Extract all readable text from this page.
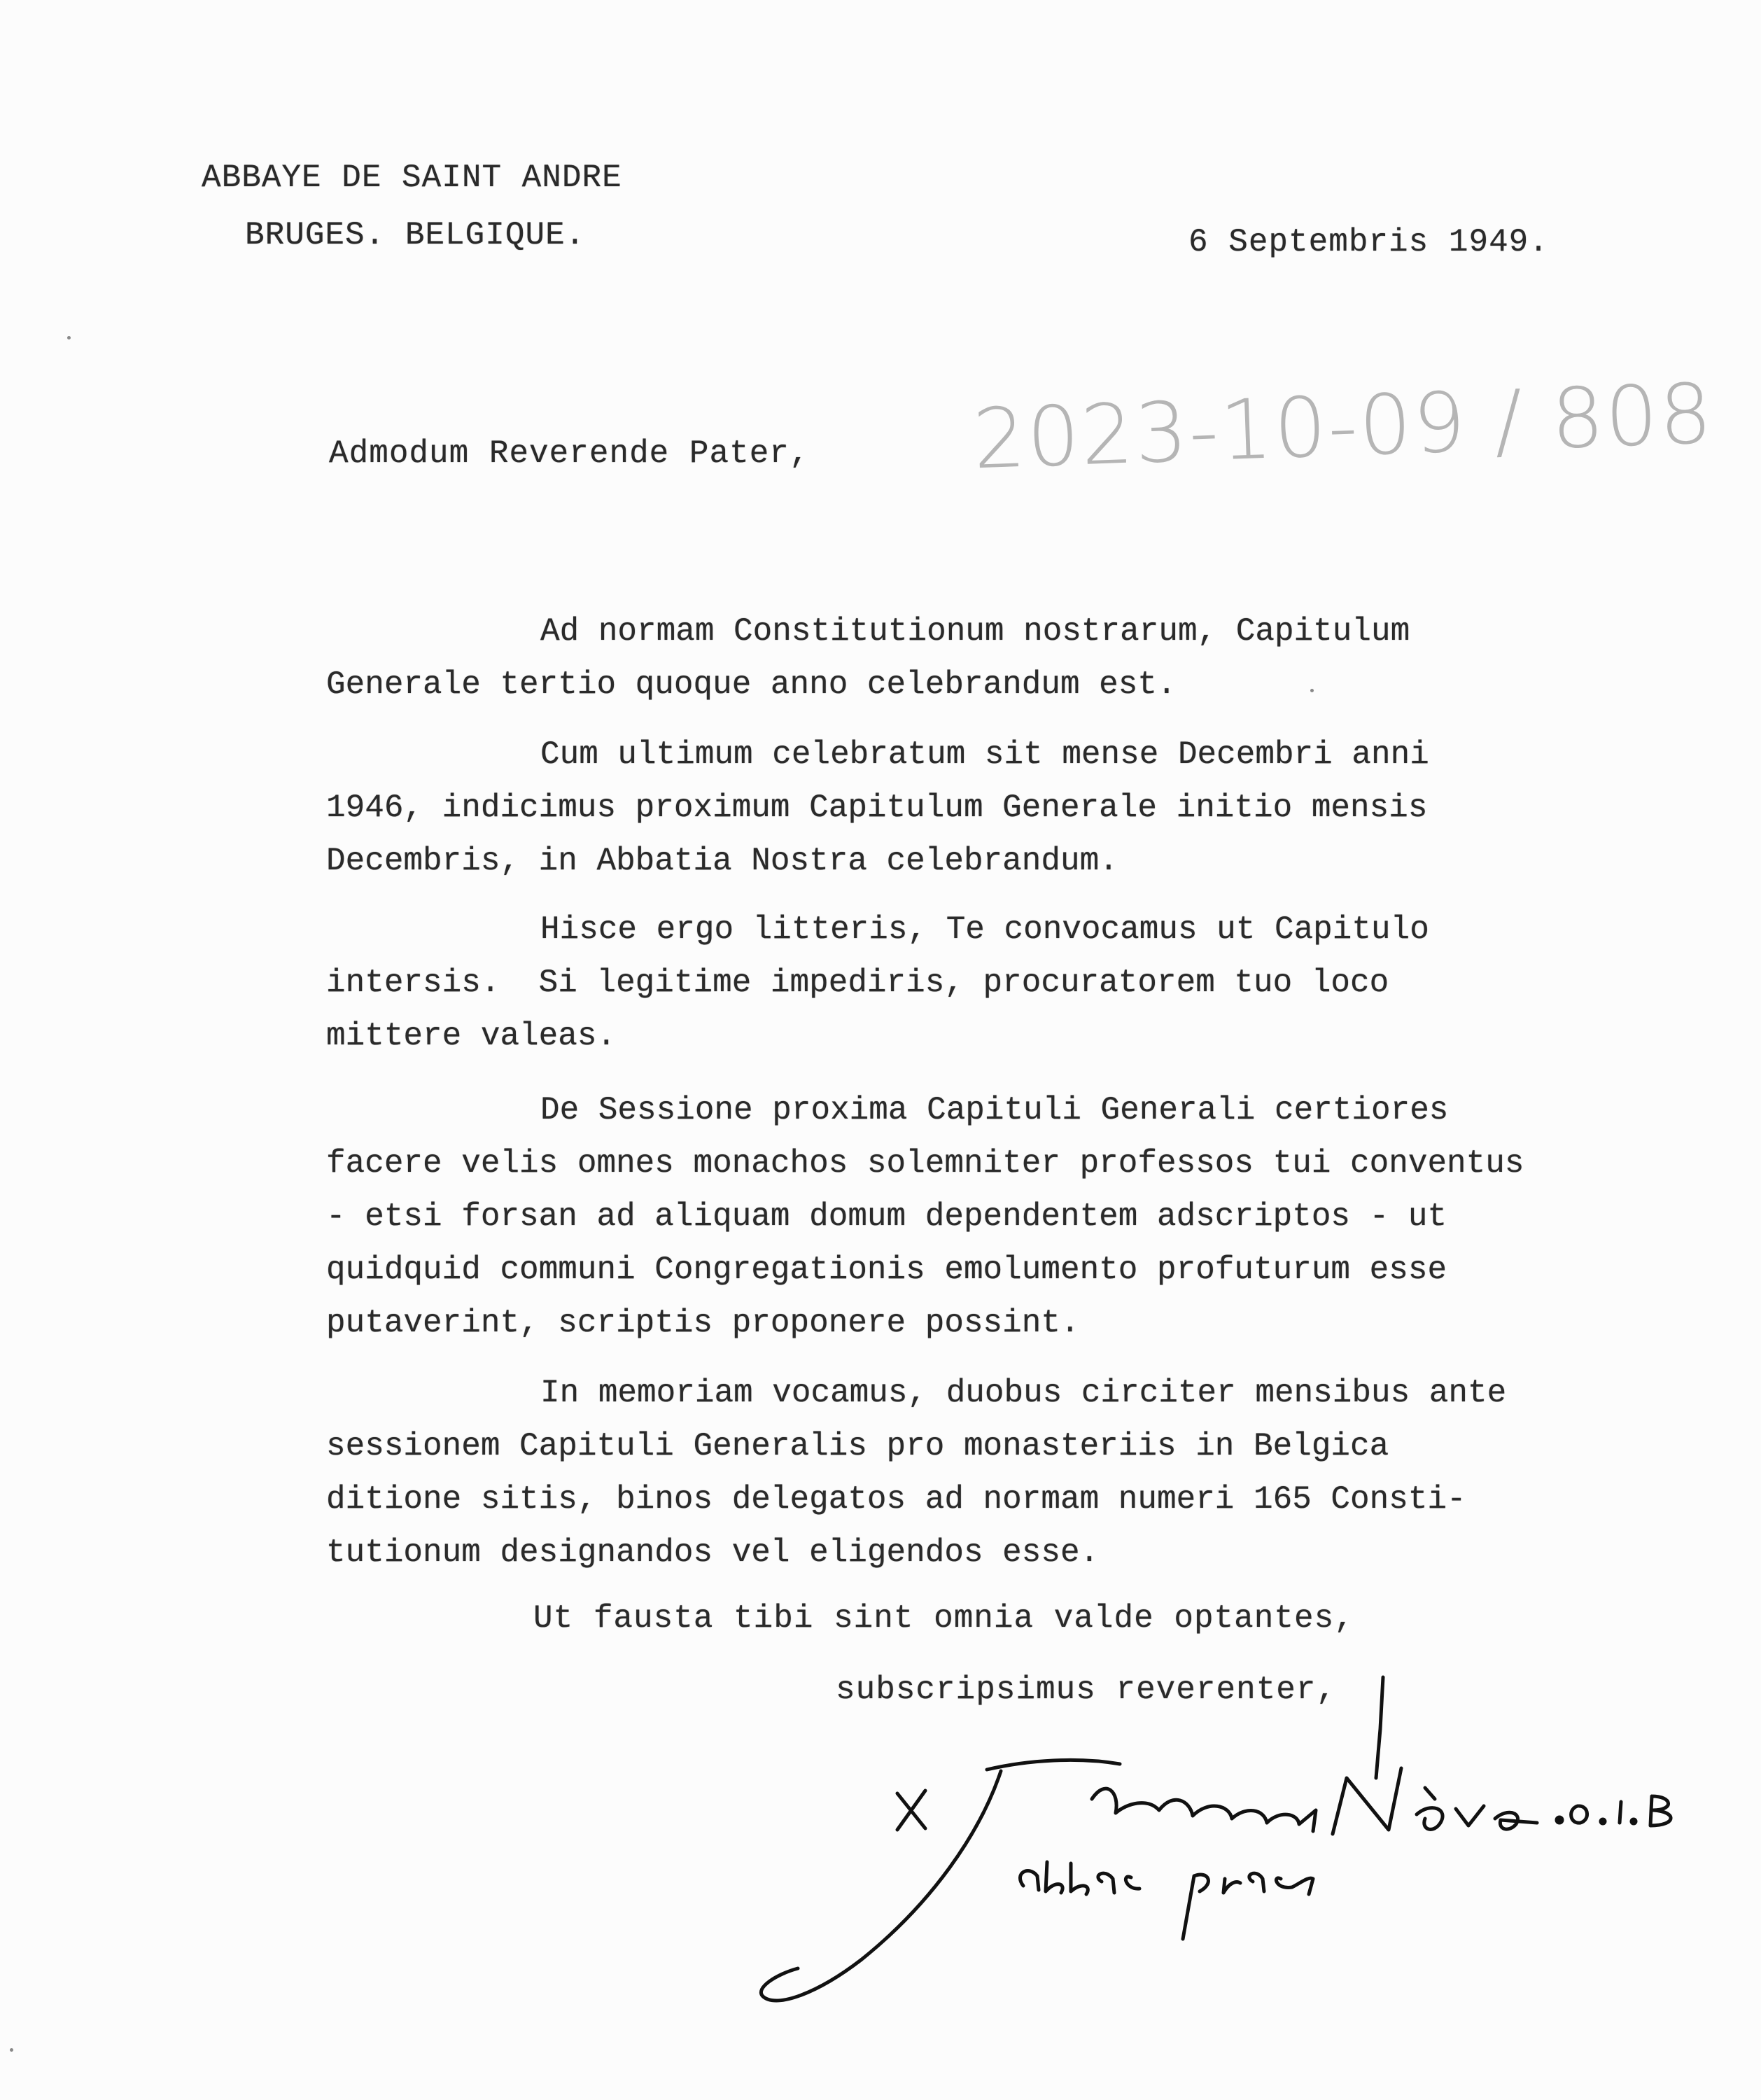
ABBAYE DE SAINT ANDRE
BRUGES. BELGIQUE.	6 Septembris 1949.
2023-10-09 / 808
Admodum Reverende Pater,
Ad normam Constitutionum nostrarum, Capitulum
Generale tertio quoque anno celebrandum est.
Cum ultimum celebratum sit mense Decembri anni
1946, indicimus proximum Capitulum Generale initio mensis
Decembris, in Abbatia Nostra celebrandum.
Hisce ergo litteris, Te convocamus ut Capitulo
intersis.  Si legitime impediris, procuratorem tuo loco
mittere valeas.
De Sessione proxima Capituli Generali certiores
facere velis omnes monachos solemniter professos tui conventus
- etsi forsan ad aliquam domum dependentem adscriptos - ut
quidquid communi Congregationis emolumento profuturum esse
putaverint, scriptis proponere possint.
In memoriam vocamus, duobus circiter mensibus ante
sessionem Capituli Generalis pro monasteriis in Belgica
ditione sitis, binos delegatos ad normam numeri 165 Consti-
tutionum designandos vel eligendos esse.
Ut fausta tibi sint omnia valde optantes,
subscripsimus reverenter,
